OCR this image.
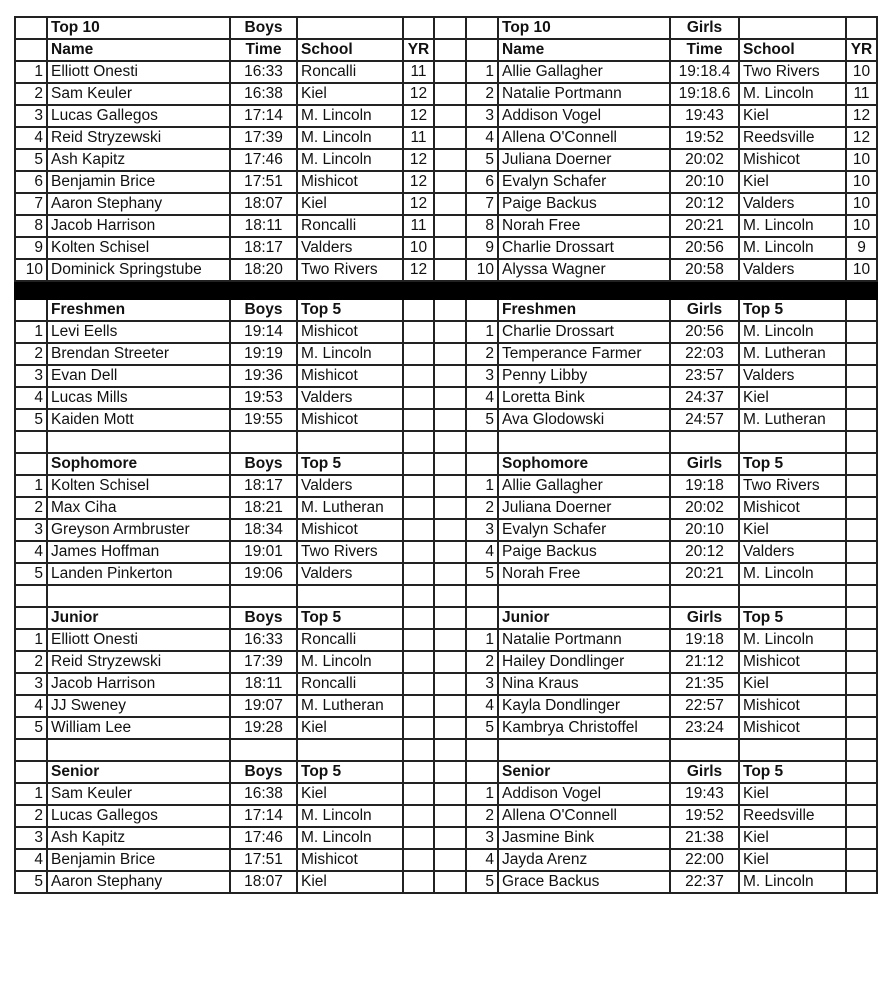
	Top 10	Boys					Top 10	Girls		
	Name	Time	School	YR			Name	Time	School	YR
1	Elliott Onesti	16:33	Roncalli	11		1	Allie Gallagher	19:18.4	Two Rivers	10
2	Sam Keuler	16:38	Kiel	12		2	Natalie Portmann	19:18.6	M. Lincoln	11
3	Lucas Gallegos	17:14	M. Lincoln	12		3	Addison Vogel	19:43	Kiel	12
4	Reid Stryzewski	17:39	M. Lincoln	11		4	Allena O'Connell	19:52	Reedsville	12
5	Ash Kapitz	17:46	M. Lincoln	12		5	Juliana Doerner	20:02	Mishicot	10
6	Benjamin Brice	17:51	Mishicot	12		6	Evalyn Schafer	20:10	Kiel	10
7	Aaron Stephany	18:07	Kiel	12		7	Paige Backus	20:12	Valders	10
8	Jacob Harrison	18:11	Roncalli	11		8	Norah Free	20:21	M. Lincoln	10
9	Kolten Schisel	18:17	Valders	10		9	Charlie Drossart	20:56	M. Lincoln	9
10	Dominick Springstube	18:20	Two Rivers	12		10	Alyssa Wagner	20:58	Valders	10

	Freshmen	Boys	Top 5				Freshmen	Girls	Top 5	
1	Levi Eells	19:14	Mishicot			1	Charlie Drossart	20:56	M. Lincoln	
2	Brendan Streeter	19:19	M. Lincoln			2	Temperance Farmer	22:03	M. Lutheran	
3	Evan Dell	19:36	Mishicot			3	Penny Libby	23:57	Valders	
4	Lucas Mills	19:53	Valders			4	Loretta Bink	24:37	Kiel	
5	Kaiden Mott	19:55	Mishicot			5	Ava Glodowski	24:57	M. Lutheran	

	Sophomore	Boys	Top 5				Sophomore	Girls	Top 5	
1	Kolten Schisel	18:17	Valders			1	Allie Gallagher	19:18	Two Rivers	
2	Max Ciha	18:21	M. Lutheran			2	Juliana Doerner	20:02	Mishicot	
3	Greyson Armbruster	18:34	Mishicot			3	Evalyn Schafer	20:10	Kiel	
4	James Hoffman	19:01	Two Rivers			4	Paige Backus	20:12	Valders	
5	Landen Pinkerton	19:06	Valders			5	Norah Free	20:21	M. Lincoln	

	Junior	Boys	Top 5				Junior	Girls	Top 5	
1	Elliott Onesti	16:33	Roncalli			1	Natalie Portmann	19:18	M. Lincoln	
2	Reid Stryzewski	17:39	M. Lincoln			2	Hailey Dondlinger	21:12	Mishicot	
3	Jacob Harrison	18:11	Roncalli			3	Nina Kraus	21:35	Kiel	
4	JJ Sweney	19:07	M. Lutheran			4	Kayla Dondlinger	22:57	Mishicot	
5	William Lee	19:28	Kiel			5	Kambrya Christoffel	23:24	Mishicot	

	Senior	Boys	Top 5				Senior	Girls	Top 5	
1	Sam Keuler	16:38	Kiel			1	Addison Vogel	19:43	Kiel	
2	Lucas Gallegos	17:14	M. Lincoln			2	Allena O'Connell	19:52	Reedsville	
3	Ash Kapitz	17:46	M. Lincoln			3	Jasmine Bink	21:38	Kiel	
4	Benjamin Brice	17:51	Mishicot			4	Jayda Arenz	22:00	Kiel	
5	Aaron Stephany	18:07	Kiel			5	Grace Backus	22:37	M. Lincoln	
